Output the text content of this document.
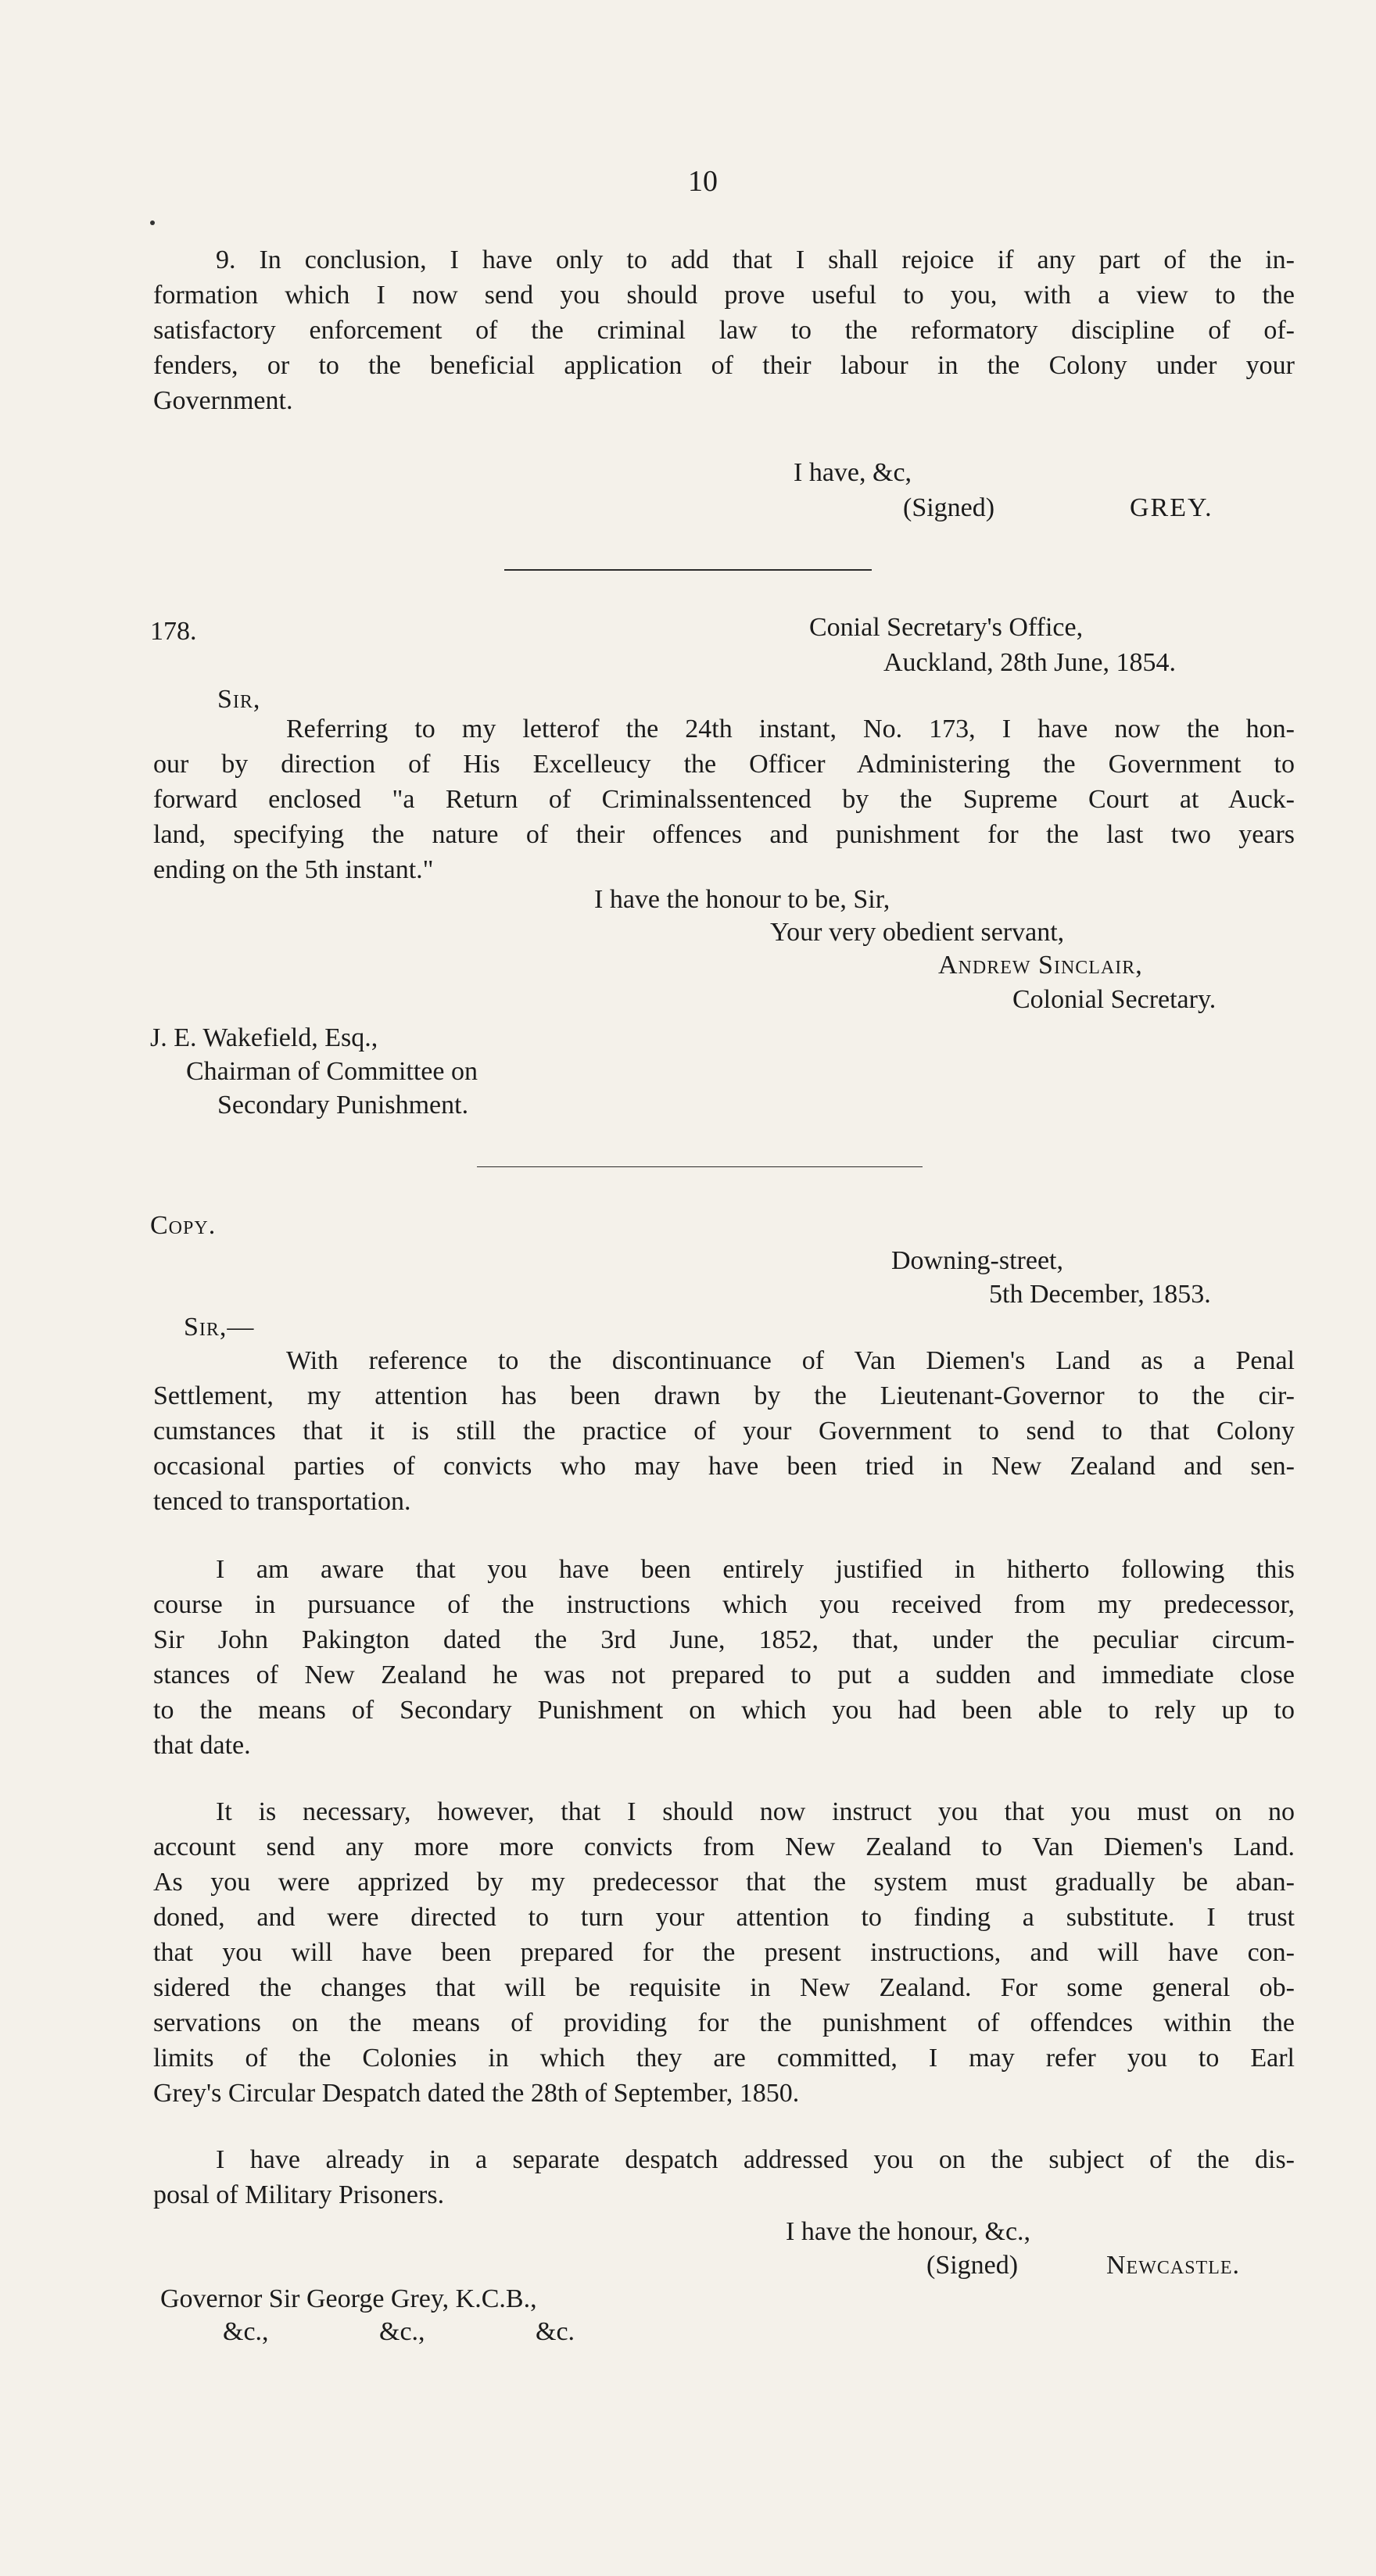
10
9. In conclusion, I have only to add that I shall rejoice if any part of the in-
formation which I now send you should prove useful to you, with a view to the
satisfactory enforcement of the criminal law to the reformatory discipline of of-
fenders, or to the beneficial application of their labour in the Colony under your
Government.
I have, &c,
(Signed)	GREY.
178.	Conial Secretary's Office,
Auckland, 28th June, 1854.
Sir,
Referring to my letterof the 24th instant, No. 173, I have now the hon-
our by direction of His Excelleucy the Officer Administering the Government to
forward enclosed "a Return of Criminalssentenced by the Supreme Court at Auck-
land, specifying the nature of their offences and punishment for the last two years
ending on the 5th instant."
I have the honour to be, Sir,
Your very obedient servant,
Andrew Sinclair,
Colonial Secretary.
J. E. Wakefield, Esq.,
Chairman of Committee on
Secondary Punishment.
Copy.
Downing-street,
5th December, 1853.
Sir,—
With reference to the discontinuance of Van Diemen's Land as a Penal
Settlement, my attention has been drawn by the Lieutenant-Governor to the cir-
cumstances that it is still the practice of your Government to send to that Colony
occasional parties of convicts who may have been tried in New Zealand and sen-
tenced to transportation.
I am aware that you have been entirely justified in hitherto following this
course in pursuance of the instructions which you received from my predecessor,
Sir John Pakington dated the 3rd June, 1852, that, under the peculiar circum-
stances of New Zealand he was not prepared to put a sudden and immediate close
to the means of Secondary Punishment on which you had been able to rely up to
that date.
It is necessary, however, that I should now instruct you that you must on no
account send any more more convicts from New Zealand to Van Diemen's Land.
As you were apprized by my predecessor that the system must gradually be aban-
doned, and were directed to turn your attention to finding a substitute. I trust
that you will have been prepared for the present instructions, and will have con-
sidered the changes that will be requisite in New Zealand. For some general ob-
servations on the means of providing for the punishment of offendces within the
limits of the Colonies in which they are committed, I may refer you to Earl
Grey's Circular Despatch dated the 28th of September, 1850.
I have already in a separate despatch addressed you on the subject of the dis-
posal of Military Prisoners.
I have the honour, &c.,
(Signed)	Newcastle.
Governor Sir George Grey, K.C.B.,
&c.,	&c.,	&c.
